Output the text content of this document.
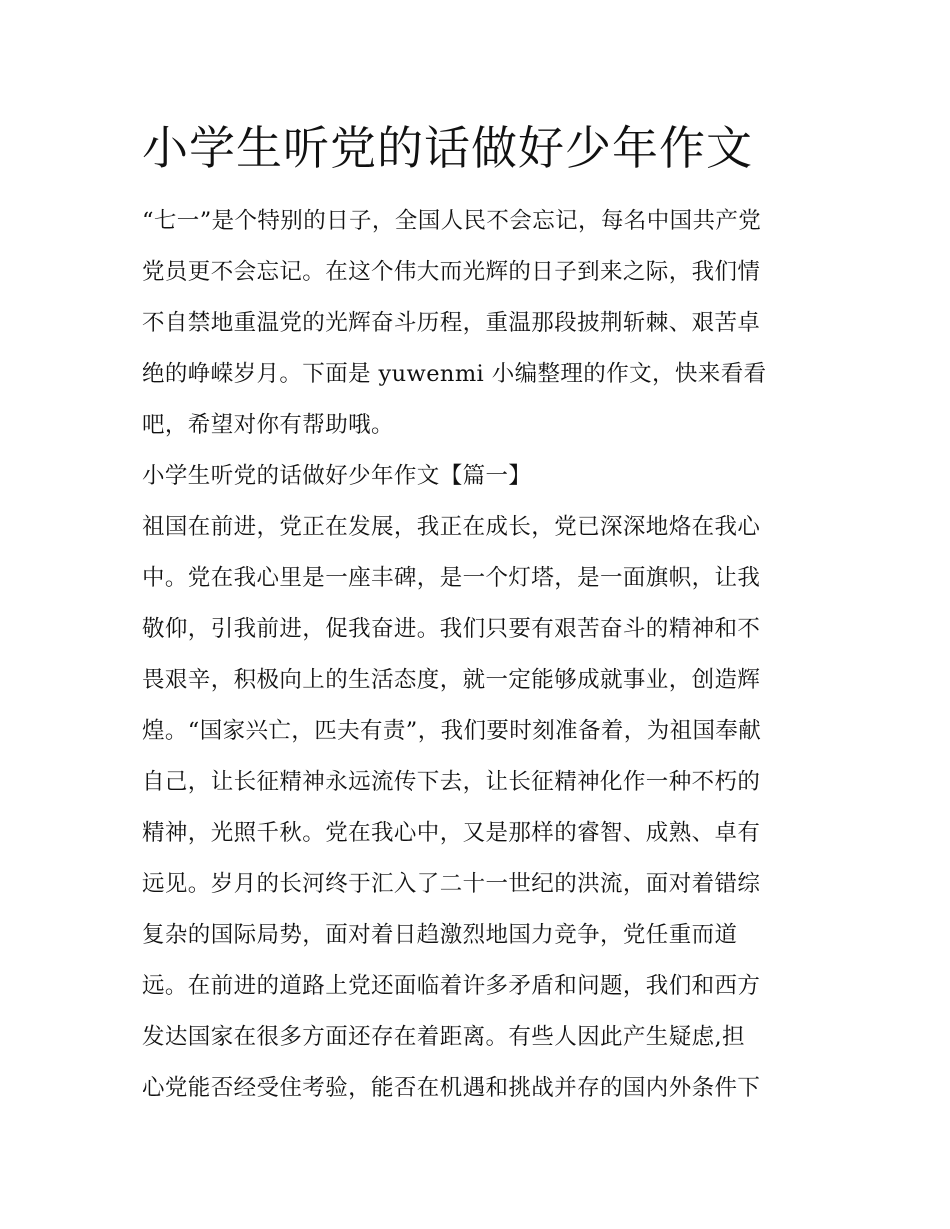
小学生听党的话做好少年作文

“七一”是个特别的日子，全国人民不会忘记，每名中国共产党
党员更不会忘记。在这个伟大而光辉的日子到来之际，我们情
不自禁地重温党的光辉奋斗历程，重温那段披荆斩棘、艰苦卓
绝的峥嵘岁月。下面是 yuwenmi 小编整理的作文，快来看看
吧，希望对你有帮助哦。

小学生听党的话做好少年作文【篇一】

祖国在前进，党正在发展，我正在成长，党已深深地烙在我心
中。党在我心里是一座丰碑，是一个灯塔，是一面旗帜，让我
敬仰，引我前进，促我奋进。我们只要有艰苦奋斗的精神和不
畏艰辛，积极向上的生活态度，就一定能够成就事业，创造辉
煌。“国家兴亡，匹夫有责”，我们要时刻准备着，为祖国奉献
自己，让长征精神永远流传下去，让长征精神化作一种不朽的
精神，光照千秋。党在我心中，又是那样的睿智、成熟、卓有
远见。岁月的长河终于汇入了二十一世纪的洪流，面对着错综
复杂的国际局势，面对着日趋激烈地国力竞争，党任重而道
远。在前进的道路上党还面临着许多矛盾和问题，我们和西方
发达国家在很多方面还存在着距离。有些人因此产生疑虑,担
心党能否经受住考验，能否在机遇和挑战并存的国内外条件下
